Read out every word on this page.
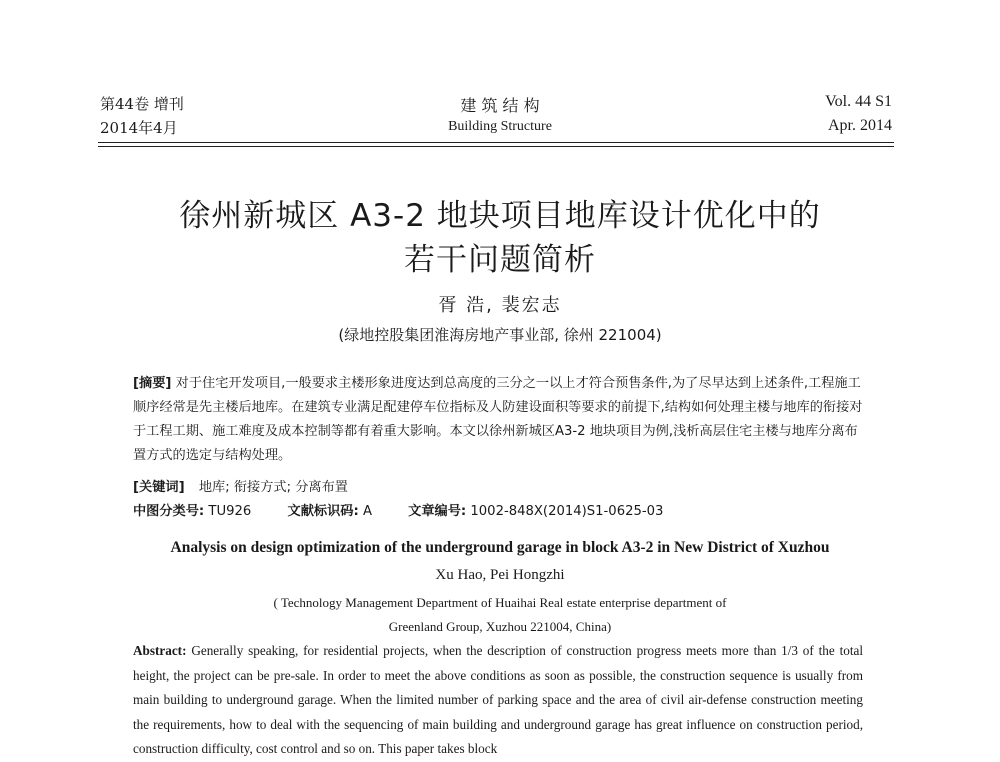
第44卷 增刊
2014年4月
建 筑 结 构
Building Structure
Vol. 44 S1
Apr. 2014
徐州新城区 A3-2 地块项目地库设计优化中的
若干问题简析
胥 浩, 裴宏志
(绿地控股集团淮海房地产事业部, 徐州 221004)
[摘要] 对于住宅开发项目,一般要求主楼形象进度达到总高度的三分之一以上才符合预售条件,为了尽早达到上述条件,工程施工顺序经常是先主楼后地库。在建筑专业满足配建停车位指标及人防建设面积等要求的前提下,结构如何处理主楼与地库的衔接对于工程工期、施工难度及成本控制等都有着重大影响。本文以徐州新城区A3-2 地块项目为例,浅析高层住宅主楼与地库分离布置方式的选定与结构处理。
[关键词] 地库; 衔接方式; 分离布置
中图分类号: TU926	文献标识码: A	文章编号: 1002-848X(2014)S1-0625-03
Analysis on design optimization of the underground garage in block A3-2 in New District of Xuzhou
Xu Hao, Pei Hongzhi
( Technology Management Department of Huaihai Real estate enterprise department of
Greenland Group, Xuzhou 221004, China)
Abstract: Generally speaking, for residential projects, when the description of construction progress meets more than 1/3 of the total height, the project can be pre-sale. In order to meet the above conditions as soon as possible, the construction sequence is usually from main building to underground garage. When the limited number of parking space and the area of civil air-defense construction meeting the requirements, how to deal with the sequencing of main building and underground garage has great influence on construction period, construction difficulty, cost control and so on. This paper takes block
